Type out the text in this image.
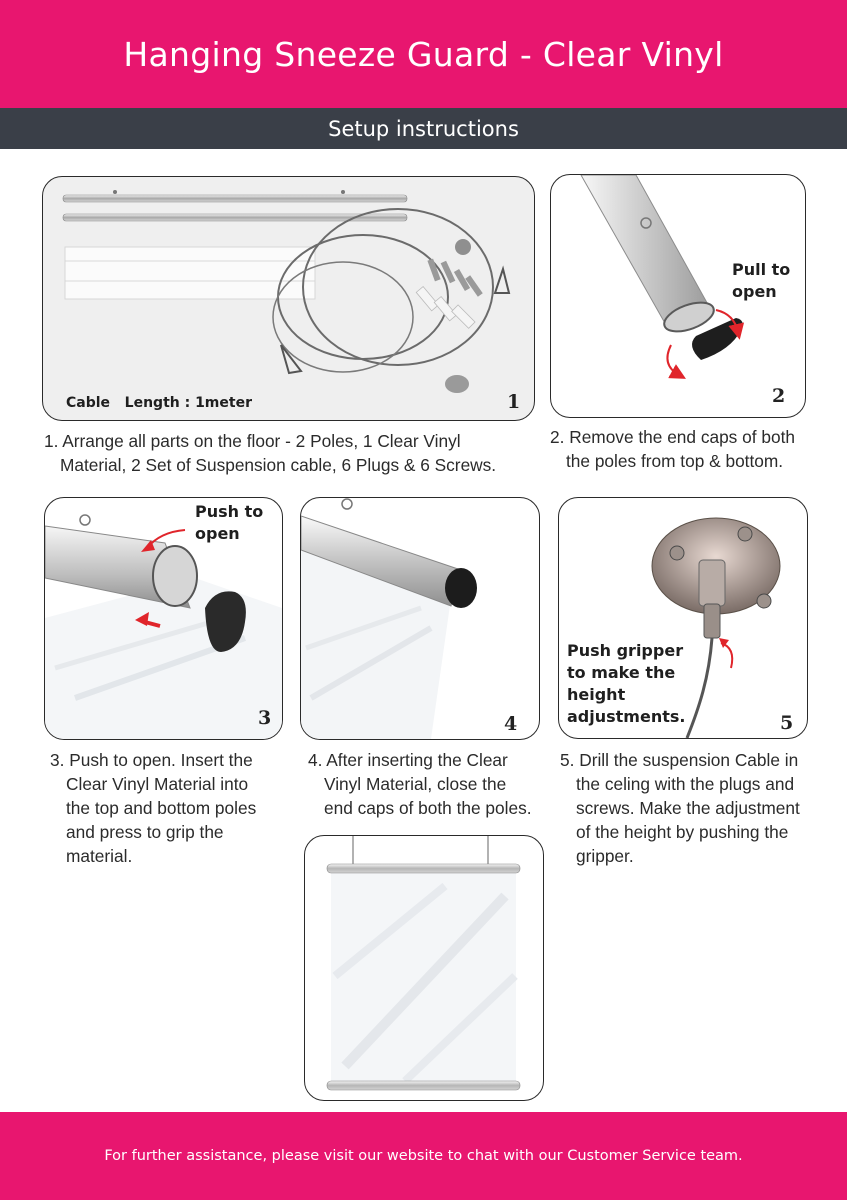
Hanging Sneeze Guard - Clear Vinyl
Setup instructions
Cable   Length : 1meter	1
Pull to
open
2
1. Arrange all parts on the floor - 2 Poles, 1 Clear Vinyl
Material, 2 Set of Suspension cable, 6 Plugs & 6 Screws.
2. Remove the end caps of both
the poles from top & bottom.
Push to
open
3	4
Push gripper
to make the
height
adjustments.	5
3. Push to open. Insert the
Clear Vinyl Material into
the top and bottom poles
and press to grip the
material.
4. After inserting the Clear
Vinyl Material, close the
end caps of both the poles.
5. Drill the suspension Cable in
the celing with the plugs and
screws. Make the adjustment
of the height by pushing the
gripper.
For further assistance, please visit our website to chat with our Customer Service team.
